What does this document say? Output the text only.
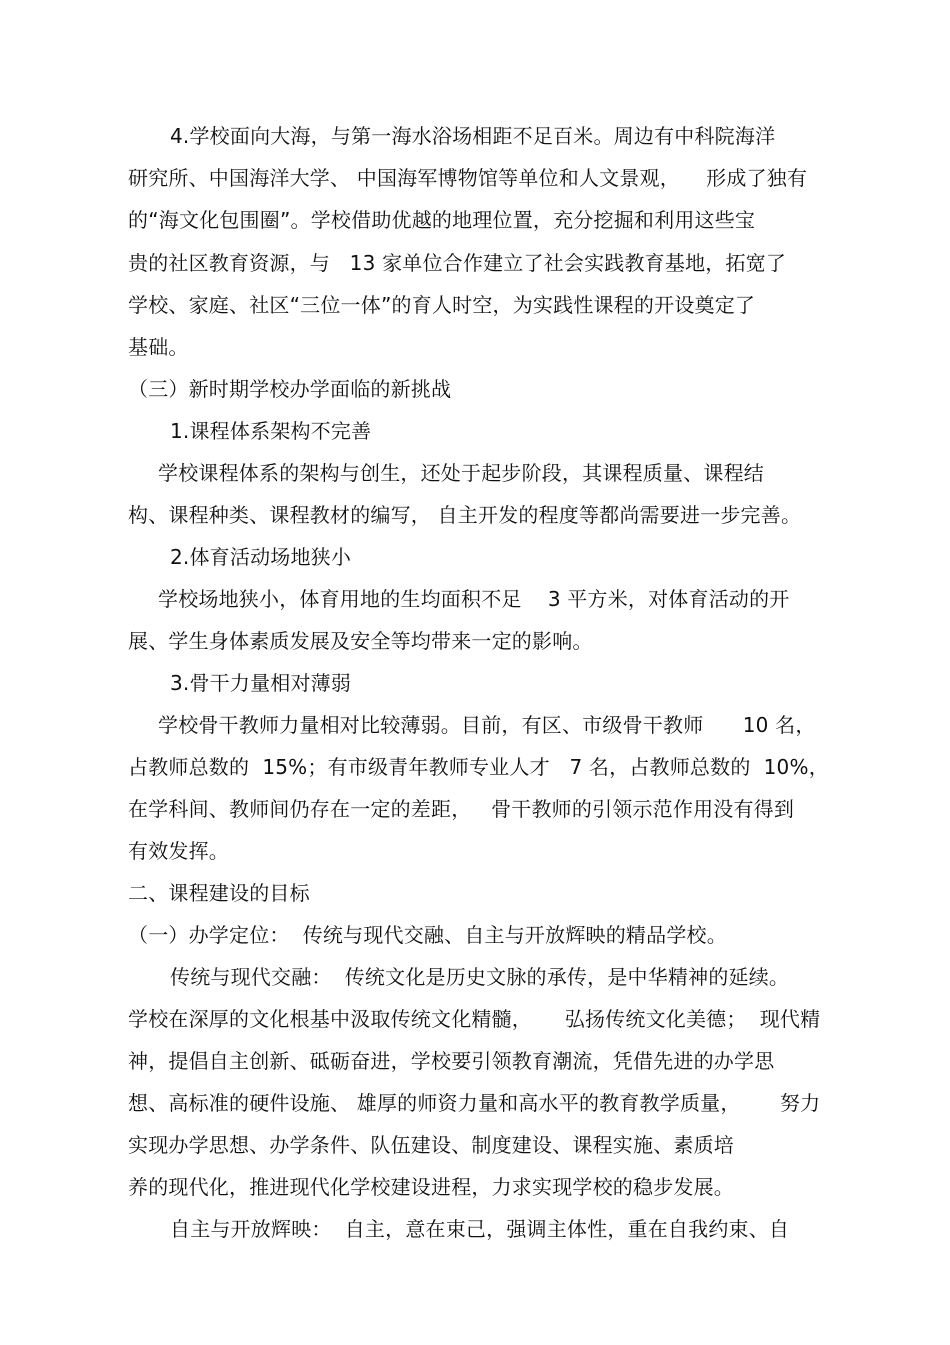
4.学校面向大海，与第一海水浴场相距不足百米。周边有中科院海洋
研究所、中国海洋大学、 中国海军博物馆等单位和人文景观，    形成了独有
的“海文化包围圈”。学校借助优越的地理位置，充分挖掘和利用这些宝
贵的社区教育资源，与   13 家单位合作建立了社会实践教育基地，拓宽了
学校、家庭、社区“三位一体”的育人时空，为实践性课程的开设奠定了
基础。
（三）新时期学校办学面临的新挑战
1.课程体系架构不完善
学校课程体系的架构与创生，还处于起步阶段，其课程质量、课程结
构、课程种类、课程教材的编写， 自主开发的程度等都尚需要进一步完善。
2.体育活动场地狭小
学校场地狭小，体育用地的生均面积不足    3 平方米，对体育活动的开
展、学生身体素质发展及安全等均带来一定的影响。
3.骨干力量相对薄弱
学校骨干教师力量相对比较薄弱。目前，有区、市级骨干教师      10 名，
占教师总数的  15%；有市级青年教师专业人才   7 名，占教师总数的  10%，
在学科间、教师间仍存在一定的差距，   骨干教师的引领示范作用没有得到
有效发挥。
二、课程建设的目标
（一）办学定位：  传统与现代交融、自主与开放辉映的精品学校。
传统与现代交融：  传统文化是历史文脉的承传，是中华精神的延续。
学校在深厚的文化根基中汲取传统文化精髓，     弘扬传统文化美德；  现代精
神，提倡自主创新、砥砺奋进，学校要引领教育潮流，凭借先进的办学思
想、高标准的硬件设施、 雄厚的师资力量和高水平的教育教学质量，      努力
实现办学思想、办学条件、队伍建设、制度建设、课程实施、素质培
养的现代化，推进现代化学校建设进程，力求实现学校的稳步发展。
自主与开放辉映：  自主，意在束己，强调主体性，重在自我约束、自
